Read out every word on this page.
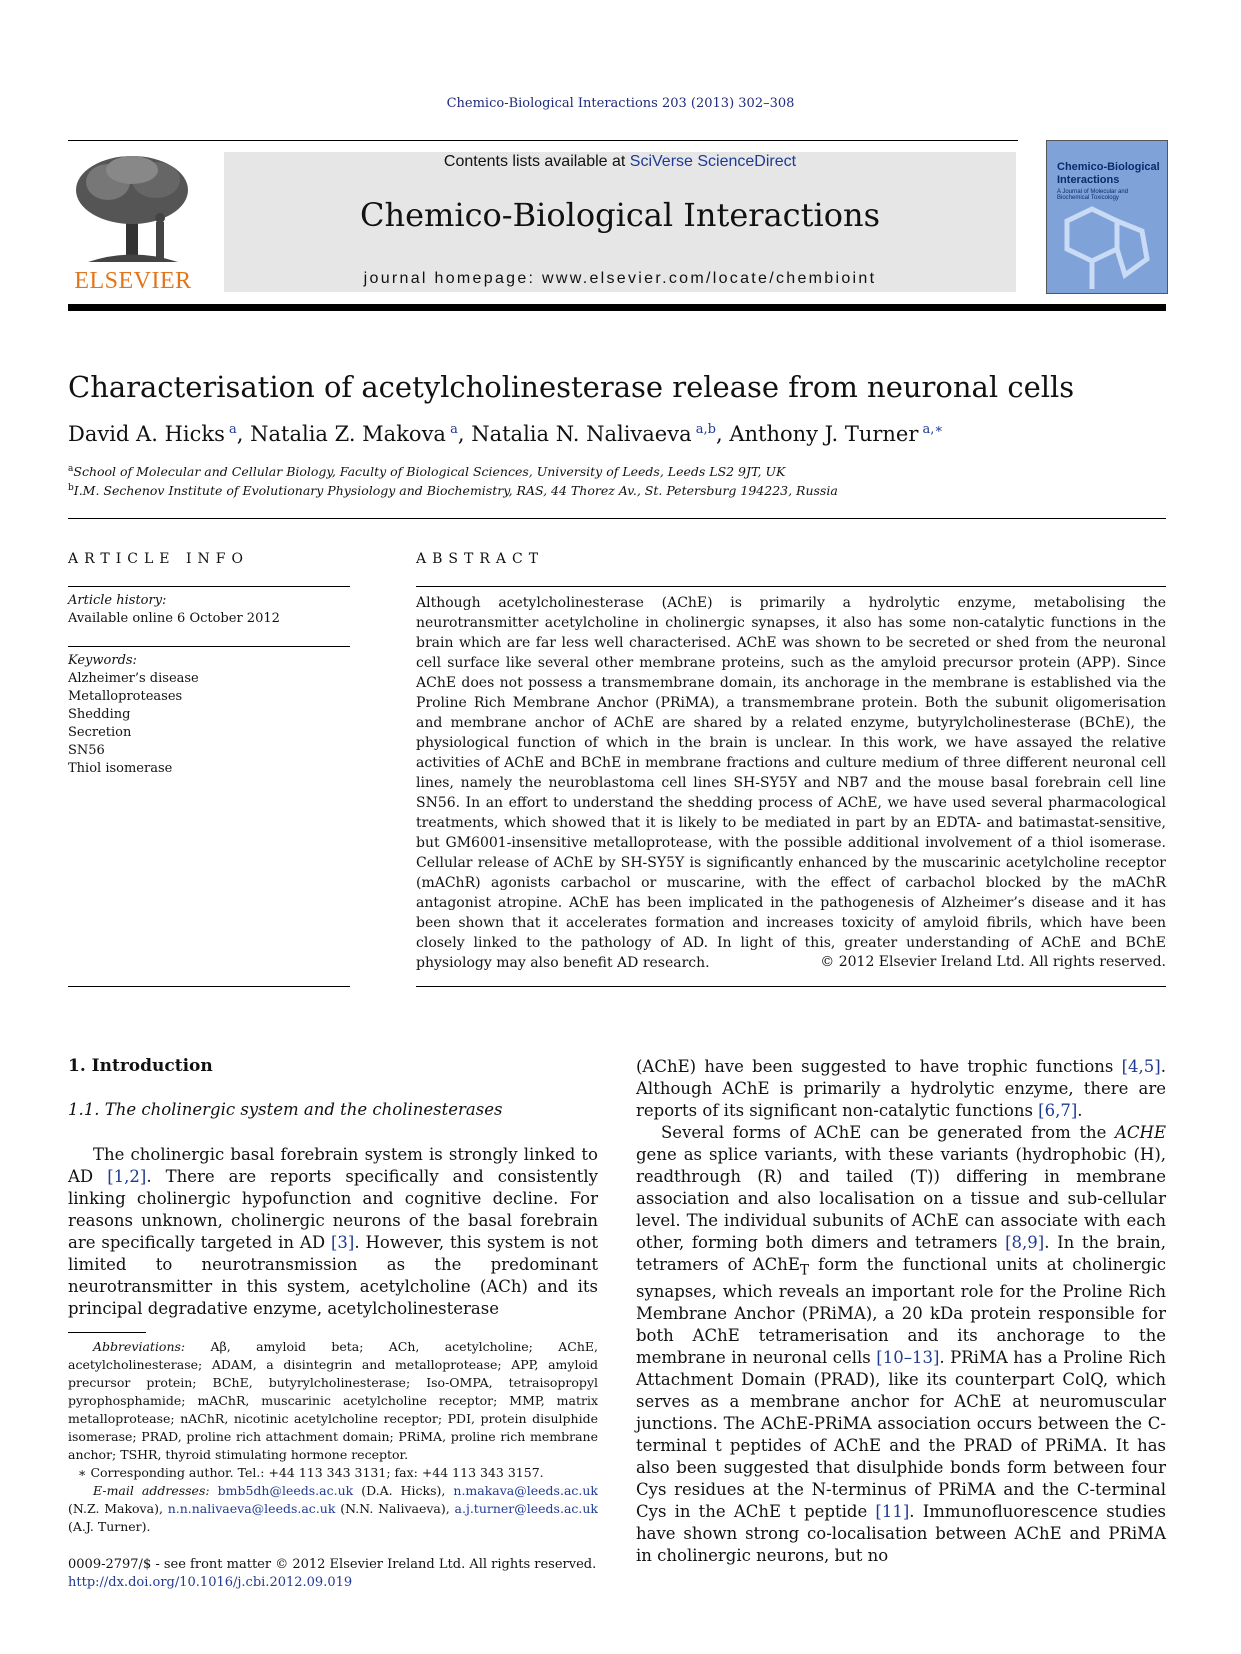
Chemico-Biological Interactions 203 (2013) 302–308
ELSEVIER
Contents lists available at SciVerse ScienceDirect
Chemico-Biological Interactions
journal homepage: www.elsevier.com/locate/chembioint
Chemico-Biological Interactions
A Journal of Molecular and Biochemical Toxicology
Characterisation of acetylcholinesterase release from neuronal cells
David A. Hicks $^a$, Natalia Z. Makova $^a$, Natalia N. Nalivaeva $^{a,b}$, Anthony J. Turner $^{a,∗}$
$^a$School of Molecular and Cellular Biology, Faculty of Biological Sciences, University of Leeds, Leeds LS2 9JT, UK
$^b$I.M. Sechenov Institute of Evolutionary Physiology and Biochemistry, RAS, 44 Thorez Av., St. Petersburg 194223, Russia
ARTICLE INFO
Article history:
Available online 6 October 2012
Keywords:
Alzheimer’s disease
Metalloproteases
Shedding
Secretion
SN56
Thiol isomerase
ABSTRACT
Although acetylcholinesterase (AChE) is primarily a hydrolytic enzyme, metabolising the neurotransmitter acetylcholine in cholinergic synapses, it also has some non-catalytic functions in the brain which are far less well characterised. AChE was shown to be secreted or shed from the neuronal cell surface like several other membrane proteins, such as the amyloid precursor protein (APP). Since AChE does not possess a transmembrane domain, its anchorage in the membrane is established via the Proline Rich Membrane Anchor (PRiMA), a transmembrane protein. Both the subunit oligomerisation and membrane anchor of AChE are shared by a related enzyme, butyrylcholinesterase (BChE), the physiological function of which in the brain is unclear. In this work, we have assayed the relative activities of AChE and BChE in membrane fractions and culture medium of three different neuronal cell lines, namely the neuroblastoma cell lines SH-SY5Y and NB7 and the mouse basal forebrain cell line SN56. In an effort to understand the shedding process of AChE, we have used several pharmacological treatments, which showed that it is likely to be mediated in part by an EDTA- and batimastat-sensitive, but GM6001-insensitive metalloprotease, with the possible additional involvement of a thiol isomerase. Cellular release of AChE by SH-SY5Y is significantly enhanced by the muscarinic acetylcholine receptor (mAChR) agonists carbachol or muscarine, with the effect of carbachol blocked by the mAChR antagonist atropine. AChE has been implicated in the pathogenesis of Alzheimer’s disease and it has been shown that it accelerates formation and increases toxicity of amyloid fibrils, which have been closely linked to the pathology of AD. In light of this, greater understanding of AChE and BChE physiology may also benefit AD research.	© 2012 Elsevier Ireland Ltd. All rights reserved.
1. Introduction
1.1. The cholinergic system and the cholinesterases

The cholinergic basal forebrain system is strongly linked to AD [1,2]. There are reports specifically and consistently linking cholinergic hypofunction and cognitive decline. For reasons unknown, cholinergic neurons of the basal forebrain are specifically targeted in AD [3]. However, this system is not limited to neurotransmission as the predominant neurotransmitter in this system, acetylcholine (ACh) and its principal degradative enzyme, acetylcholinesterase

(AChE) have been suggested to have trophic functions [4,5]. Although AChE is primarily a hydrolytic enzyme, there are reports of its significant non-catalytic functions [6,7].

Several forms of AChE can be generated from the ACHE gene as splice variants, with these variants (hydrophobic (H), readthrough (R) and tailed (T)) differing in membrane association and also localisation on a tissue and sub-cellular level. The individual subunits of AChE can associate with each other, forming both dimers and tetramers [8,9]. In the brain, tetramers of AChE$_T$ form the functional units at cholinergic synapses, which reveals an important role for the Proline Rich Membrane Anchor (PRiMA), a 20 kDa protein responsible for both AChE tetramerisation and its anchorage to the membrane in neuronal cells [10–13]. PRiMA has a Proline Rich Attachment Domain (PRAD), like its counterpart ColQ, which serves as a membrane anchor for AChE at neuromuscular junctions. The AChE-PRiMA association occurs between the C-terminal t peptides of AChE and the PRAD of PRiMA. It has also been suggested that disulphide bonds form between four Cys residues at the N-terminus of PRiMA and the C-terminal Cys in the AChE t peptide [11]. Immunofluorescence studies have shown strong co-localisation between AChE and PRiMA in cholinergic neurons, but no

Abbreviations: Aβ, amyloid beta; ACh, acetylcholine; AChE, acetylcholinesterase; ADAM, a disintegrin and metalloprotease; APP, amyloid precursor protein; BChE, butyrylcholinesterase; Iso-OMPA, tetraisopropyl pyrophosphamide; mAChR, muscarinic acetylcholine receptor; MMP, matrix metalloprotease; nAChR, nicotinic acetylcholine receptor; PDI, protein disulphide isomerase; PRAD, proline rich attachment domain; PRiMA, proline rich membrane anchor; TSHR, thyroid stimulating hormone receptor.

∗ Corresponding author. Tel.: +44 113 343 3131; fax: +44 113 343 3157.

E-mail addresses: bmb5dh@leeds.ac.uk (D.A. Hicks), n.makava@leeds.ac.uk (N.Z. Makova), n.n.nalivaeva@leeds.ac.uk (N.N. Nalivaeva), a.j.turner@leeds.ac.uk (A.J. Turner).

0009-2797/$ - see front matter © 2012 Elsevier Ireland Ltd. All rights reserved.
http://dx.doi.org/10.1016/j.cbi.2012.09.019
